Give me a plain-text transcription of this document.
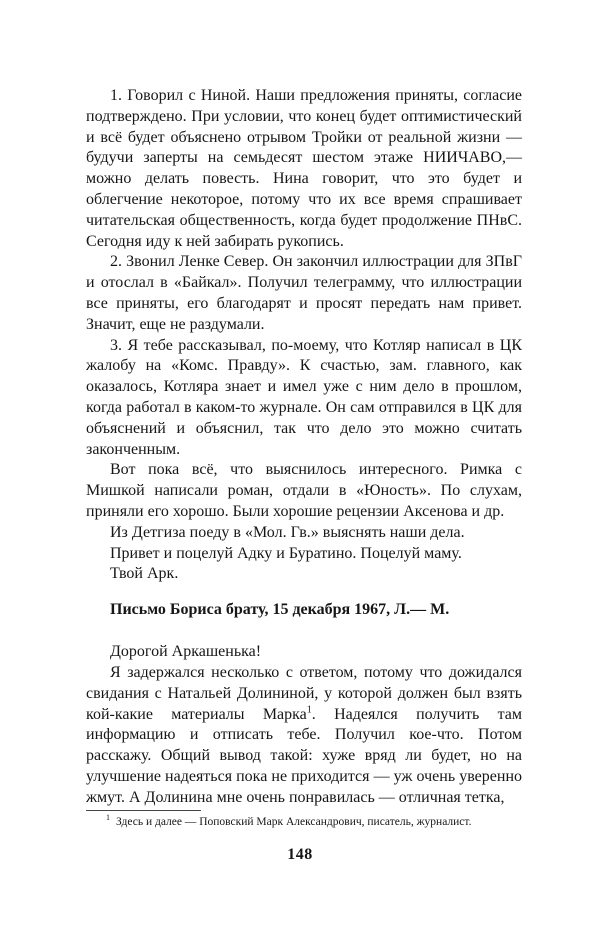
1. Говорил с Ниной. Наши предложения приняты, согласие подтверждено. При условии, что конец будет оптимистический и всё будет объяснено отрывом Тройки от реальной жизни — будучи заперты на семьдесят шестом этаже НИИЧАВО,— можно делать повесть. Нина говорит, что это будет и облегчение некоторое, потому что их все время спрашивает читательская общественность, когда будет продолжение ПНвС. Сегодня иду к ней забирать рукопись.

2. Звонил Ленке Север. Он закончил иллюстрации для ЗПвГ и отослал в «Байкал». Получил телеграмму, что иллюстрации все приняты, его благодарят и просят передать нам привет. Значит, еще не раздумали.

3. Я тебе рассказывал, по-моему, что Котляр написал в ЦК жалобу на «Комс. Правду». К счастью, зам. главного, как оказалось, Котляра знает и имел уже с ним дело в прошлом, когда работал в каком-то журнале. Он сам отправился в ЦК для объяснений и объяснил, так что дело это можно считать законченным.

Вот пока всё, что выяснилось интересного. Римка с Мишкой написали роман, отдали в «Юность». По слухам, приняли его хорошо. Были хорошие рецензии Аксенова и др.

Из Детгиза поеду в «Мол. Гв.» выяснять наши дела.

Привет и поцелуй Адку и Буратино. Поцелуй маму.

Твой Арк.

Письмо Бориса брату, 15 декабря 1967, Л.— М.

Дорогой Аркашенька!

Я задержался несколько с ответом, потому что дожидался свидания с Натальей Долининой, у которой должен был взять кой-какие материалы Марка$^1$. Надеялся получить там информацию и отписать тебе. Получил кое-что. Потом расскажу. Общий вывод такой: хуже вряд ли будет, но на улучшение надеяться пока не приходится — уж очень уверенно жмут. А Долинина мне очень понравилась — отличная тетка,

$^1$ Здесь и далее — Поповский Марк Александрович, писатель, журналист.

148
